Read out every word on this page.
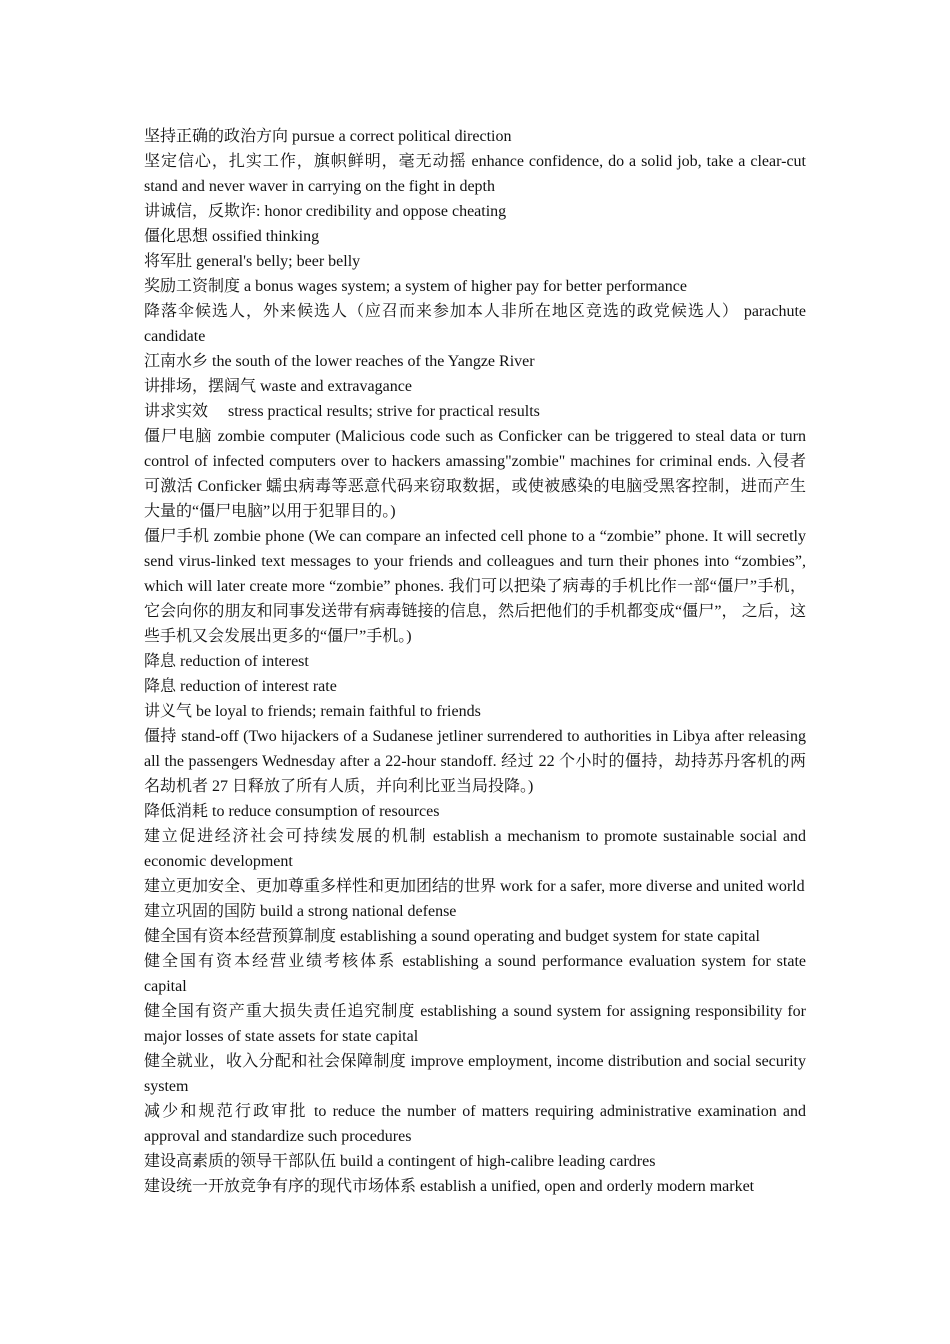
坚持正确的政治方向 pursue a correct political direction

坚定信心，扎实工作，旗帜鲜明，毫无动摇 enhance confidence, do a solid job, take a clear-cut stand and never waver in carrying on the fight in depth

讲诚信，反欺诈: honor credibility and oppose cheating

僵化思想 ossified thinking

将军肚 general's belly; beer belly

奖励工资制度 a bonus wages system; a system of higher pay for better performance

降落伞候选人，外来候选人（应召而来参加本人非所在地区竞选的政党候选人） parachute candidate

江南水乡 the south of the lower reaches of the Yangze River

讲排场，摆阔气 waste and extravagance

讲求实效     stress practical results; strive for practical results

僵尸电脑 zombie computer (Malicious code such as Conficker can be triggered to steal data or turn control of infected computers over to hackers amassing"zombie" machines for criminal ends. 入侵者可激活 Conficker 蠕虫病毒等恶意代码来窃取数据，或使被感染的电脑受黑客控制，进而产生大量的“僵尸电脑”以用于犯罪目的。)

僵尸手机 zombie phone (We can compare an infected cell phone to a “zombie” phone. It will secretly send virus-linked text messages to your friends and colleagues and turn their phones into “zombies”, which will later create more “zombie” phones. 我们可以把染了病毒的手机比作一部“僵尸”手机，它会向你的朋友和同事发送带有病毒链接的信息，然后把他们的手机都变成“僵尸”， 之后，这些手机又会发展出更多的“僵尸”手机。)

降息 reduction of interest

降息 reduction of interest rate

讲义气 be loyal to friends; remain faithful to friends

僵持 stand-off (Two hijackers of a Sudanese jetliner surrendered to authorities in Libya after releasing all the passengers Wednesday after a 22-hour standoff. 经过 22 个小时的僵持，劫持苏丹客机的两名劫机者 27 日释放了所有人质，并向利比亚当局投降。)

降低消耗 to reduce consumption of resources

建立促进经济社会可持续发展的机制 establish a mechanism to promote sustainable social and economic development

建立更加安全、更加尊重多样性和更加团结的世界 work for a safer, more diverse and united world

建立巩固的国防 build a strong national defense

健全国有资本经营预算制度 establishing a sound operating and budget system for state capital

健全国有资本经营业绩考核体系 establishing a sound performance evaluation system for state capital

健全国有资产重大损失责任追究制度 establishing a sound system for assigning responsibility for major losses of state assets for state capital

健全就业，收入分配和社会保障制度 improve employment, income distribution and social security system

减少和规范行政审批 to reduce the number of matters requiring administrative examination and approval and standardize such procedures

建设高素质的领导干部队伍 build a contingent of high-calibre leading cardres

建设统一开放竞争有序的现代市场体系 establish a unified, open and orderly modern market
